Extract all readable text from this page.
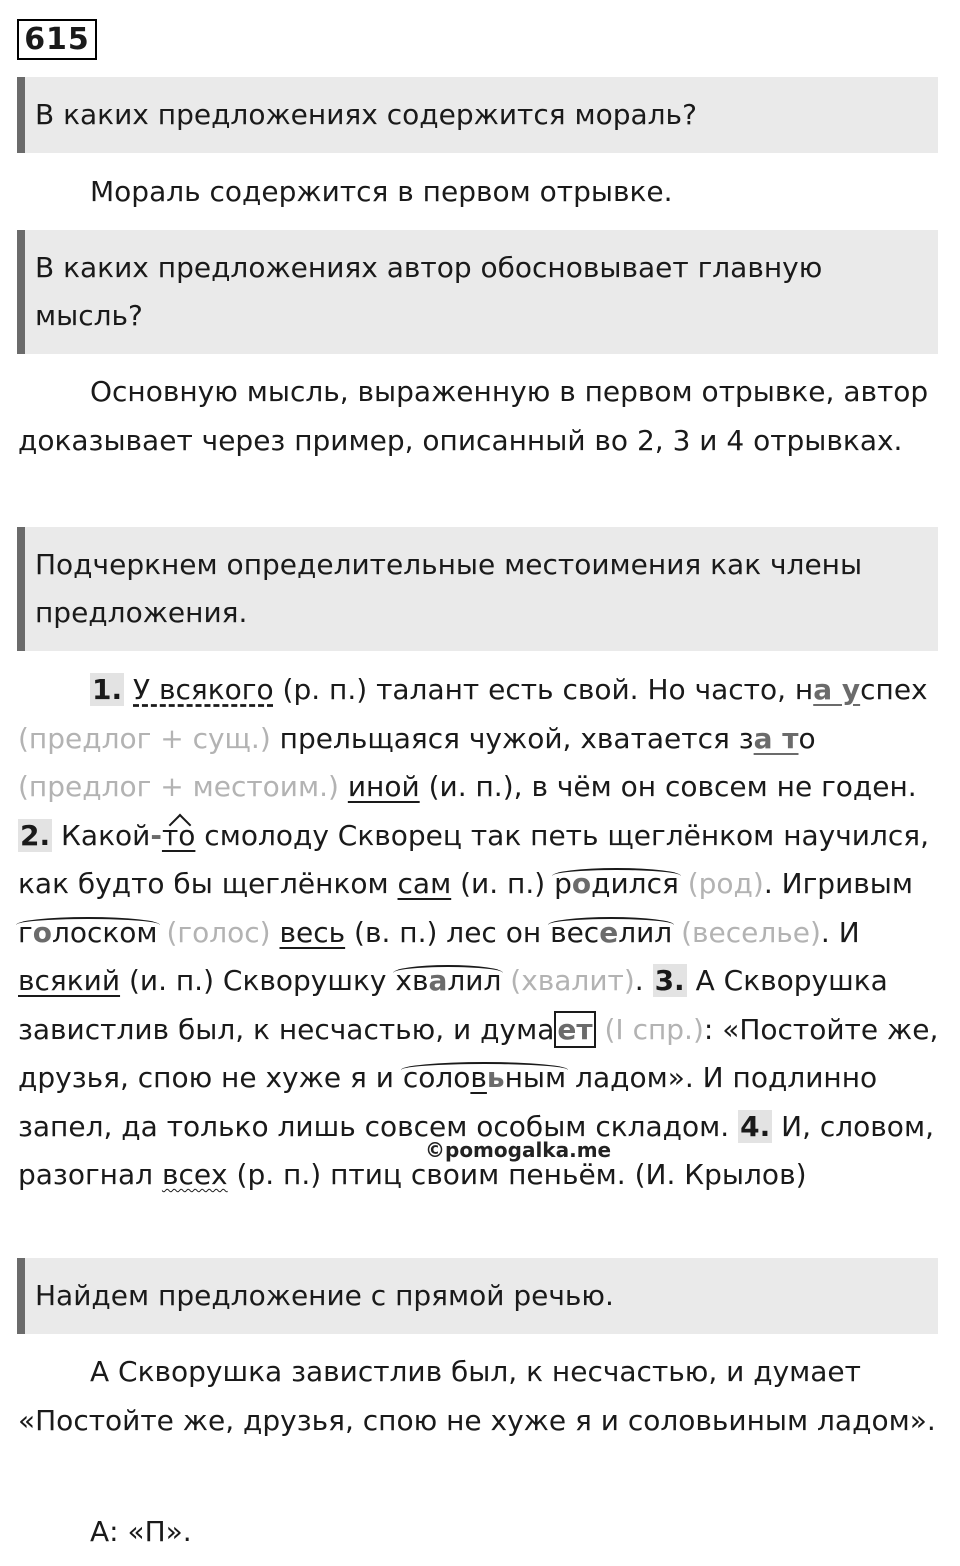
615
В каких предложениях содержится мораль?
Мораль содержится в первом отрывке.
В каких предложениях автор обосновывает главную мысль?
Основную мысль, выраженную в первом отрывке, автор доказывает через пример, описанный во 2, 3 и 4 отрывках.
Подчеркнем определительные местоимения как члены предложения.
1. У всякого (р. п.) талант есть свой. Но часто, на успех (предлог + сущ.) прельщаяся чужой, хватается за то (предлог + местоим.) иной (и. п.), в чём он совсем не годен. 2. Какой-то смолоду Скворец так петь щеглёнком научился, как будто бы щеглёнком сам (и. п.) родился (род). Игривым голоском (голос) весь (в. п.) лес он веселил (веселье). И всякий (и. п.) Скворушку хвалил (хвалит). 3. А Скворушка завистлив был, к несчастью, и дума ет (I спр.): «Постойте же, друзья, спою не хуже я и соловьным ладом». И подлинно запел, да только лишь совсем особым складом. 4. И, словом, разогнал всех (р. п.) птиц своим пеньём. (И. Крылов)
©pomogalka.me
Найдем предложение с прямой речью.
А Скворушка завистлив был, к несчастью, и думает «Постойте же, друзья, спою не хуже я и соловьиным ладом».
А: «П».
